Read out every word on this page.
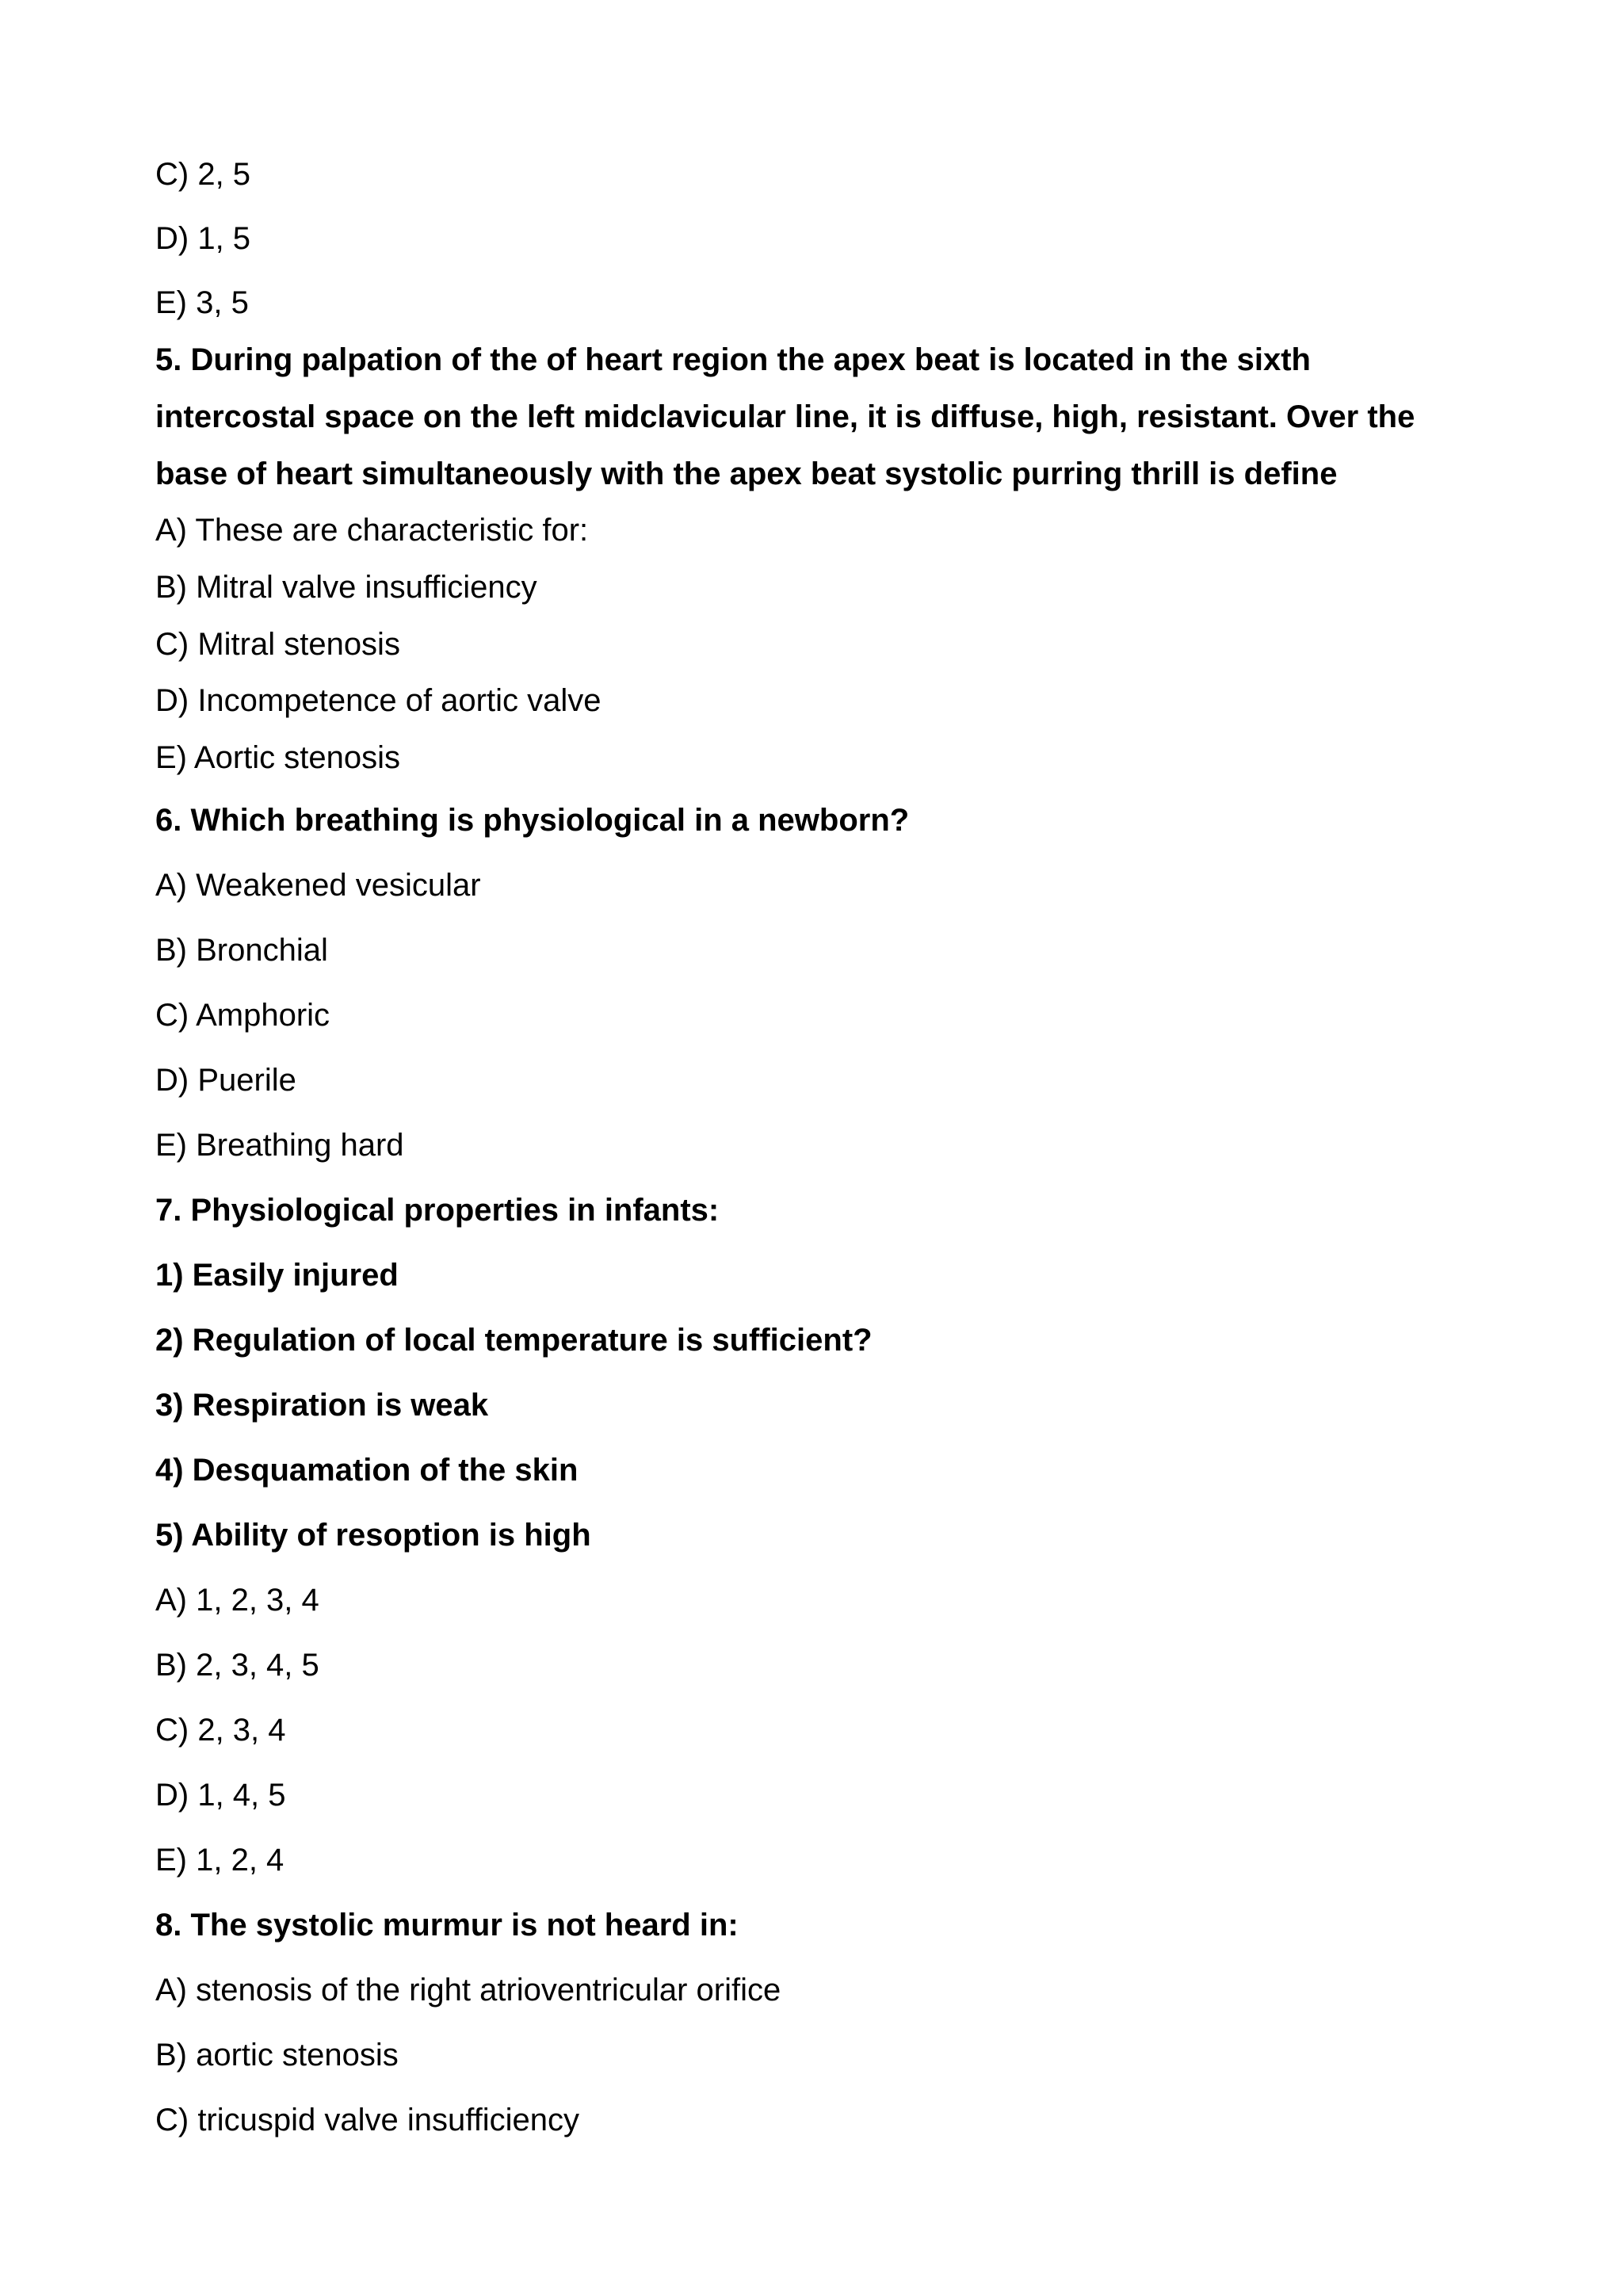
C) 2, 5
D) 1, 5
E) 3, 5
5. During palpation of the of heart region the apex beat is located in the sixth
intercostal space on the left midclavicular line, it is diffuse, high, resistant. Over the
base of heart simultaneously with the apex beat systolic purring thrill is define
A) These are characteristic for:
B) Mitral valve insufficiency
C) Mitral stenosis
D) Incompetence of aortic valve
E) Aortic stenosis
6. Which breathing is physiological in a newborn?
A) Weakened vesicular
B) Bronchial
C) Amphoric
D) Puerile
E) Breathing hard
7. Physiological properties in infants:
1) Easily injured
2) Regulation of local temperature is sufficient?
3) Respiration is weak
4) Desquamation of the skin
5) Ability of resoption is high
A) 1, 2, 3, 4
B) 2, 3, 4, 5
C) 2, 3, 4
D) 1, 4, 5
E) 1, 2, 4
8. The systolic murmur is not heard in:
A) stenosis of the right atrioventricular orifice
B) aortic stenosis
C) tricuspid valve insufficiency
